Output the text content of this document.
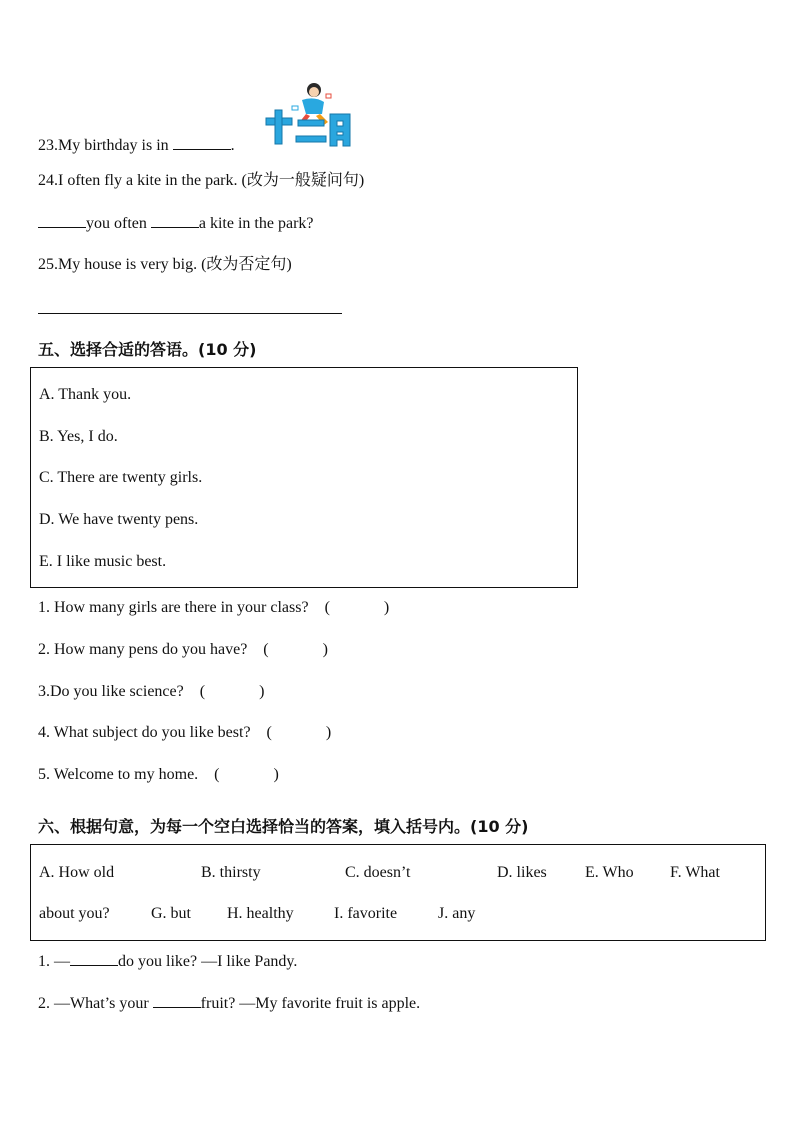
23.My birthday is in	.
24.I often fly a kite in the park. (改为一般疑问句)
you often	a kite in the park?
25.My house is very big. (改为否定句)
五、选择合适的答语。(10 分)
A. Thank you.
B. Yes, I do.
C. There are twenty girls.
D. We have twenty pens.
E. I like music best.
1. How many girls are there in your class? (	)
2. How many pens do you have? (	)
3.Do you like science? (	)
4. What subject do you like best? (	)
5. Welcome to my home. (	)
六、根据句意，为每一个空白选择恰当的答案，填入括号内。(10 分)
A. How old	B. thirsty	C. doesn’t	D. likes E. Who F. What
about you?	G. but H. healthy	I. favorite	J. any
1. —	do you like? —I like Pandy.
2. —What’s your	fruit? —My favorite fruit is apple.
